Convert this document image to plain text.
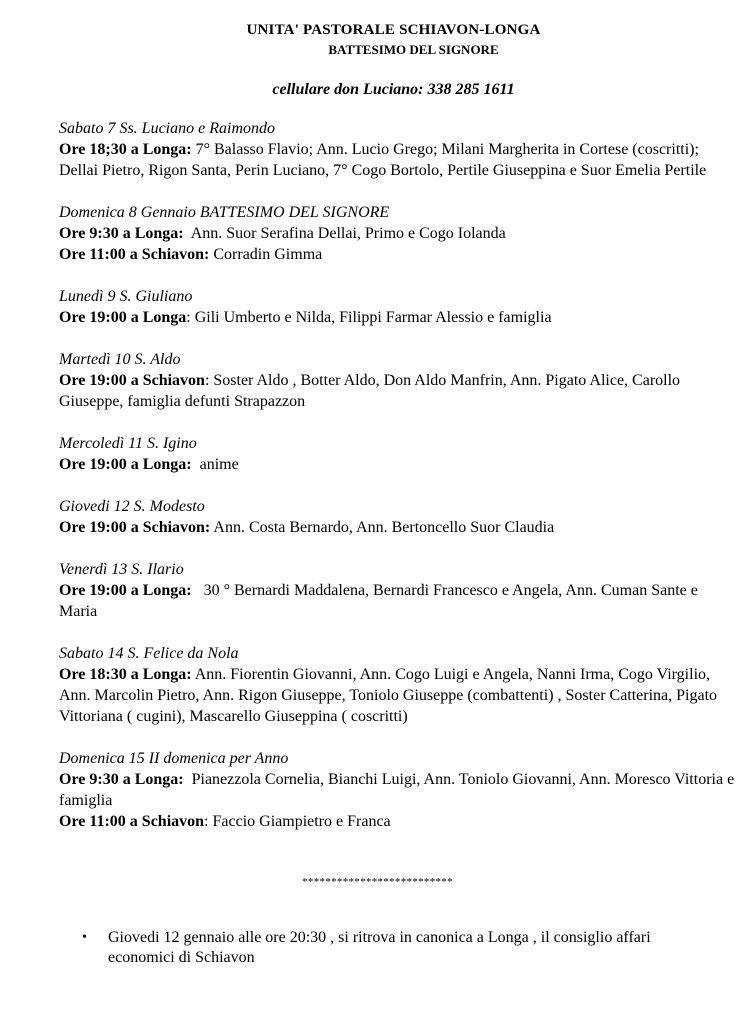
UNITA' PASTORALE SCHIAVON-LONGA
BATTESIMO DEL SIGNORE
cellulare don Luciano: 338 285 1611
Sabato 7 Ss. Luciano e Raimondo
Ore 18;30 a Longa: 7° Balasso Flavio; Ann. Lucio Grego; Milani Margherita in Cortese (coscritti); Dellai Pietro, Rigon Santa, Perin Luciano, 7° Cogo Bortolo, Pertile Giuseppina e Suor Emelia Pertile
Domenica 8 Gennaio BATTESIMO DEL SIGNORE
Ore 9:30 a Longa:  Ann. Suor Serafina Dellai, Primo e Cogo Iolanda
Ore 11:00 a Schiavon: Corradin Gimma
Lunedì 9 S. Giuliano
Ore 19:00 a Longa: Gili Umberto e Nilda, Filippi Farmar Alessio e famiglia
Martedì 10 S. Aldo
Ore 19:00 a Schiavon: Soster Aldo , Botter Aldo, Don Aldo Manfrin, Ann. Pigato Alice, Carollo Giuseppe, famiglia defunti Strapazzon
Mercoledì 11 S. Igino
Ore 19:00 a Longa:  anime
Giovedi 12 S. Modesto
Ore 19:00 a Schiavon: Ann. Costa Bernardo, Ann. Bertoncello Suor Claudia
Venerdì 13 S. Ilario
Ore 19:00 a Longa:   30 ° Bernardi Maddalena, Bernardi Francesco e Angela, Ann. Cuman Sante e Maria
Sabato 14 S. Felice da Nola
Ore 18:30 a Longa: Ann. Fiorentin Giovanni, Ann. Cogo Luigi e Angela, Nanni Irma, Cogo Virgilio, Ann. Marcolin Pietro, Ann. Rigon Giuseppe, Toniolo Giuseppe (combattenti) , Soster Catterina, Pigato Vittoriana ( cugini), Mascarello Giuseppina ( coscritti)
Domenica 15 II domenica per Anno
Ore 9:30 a Longa:  Pianezzola Cornelia, Bianchi Luigi, Ann. Toniolo Giovanni, Ann. Moresco Vittoria e famiglia
Ore 11:00 a Schiavon: Faccio Giampietro e Franca
**************************
• Giovedi 12 gennaio alle ore 20:30 , si ritrova in canonica a Longa , il consiglio affari economici di Schiavon
